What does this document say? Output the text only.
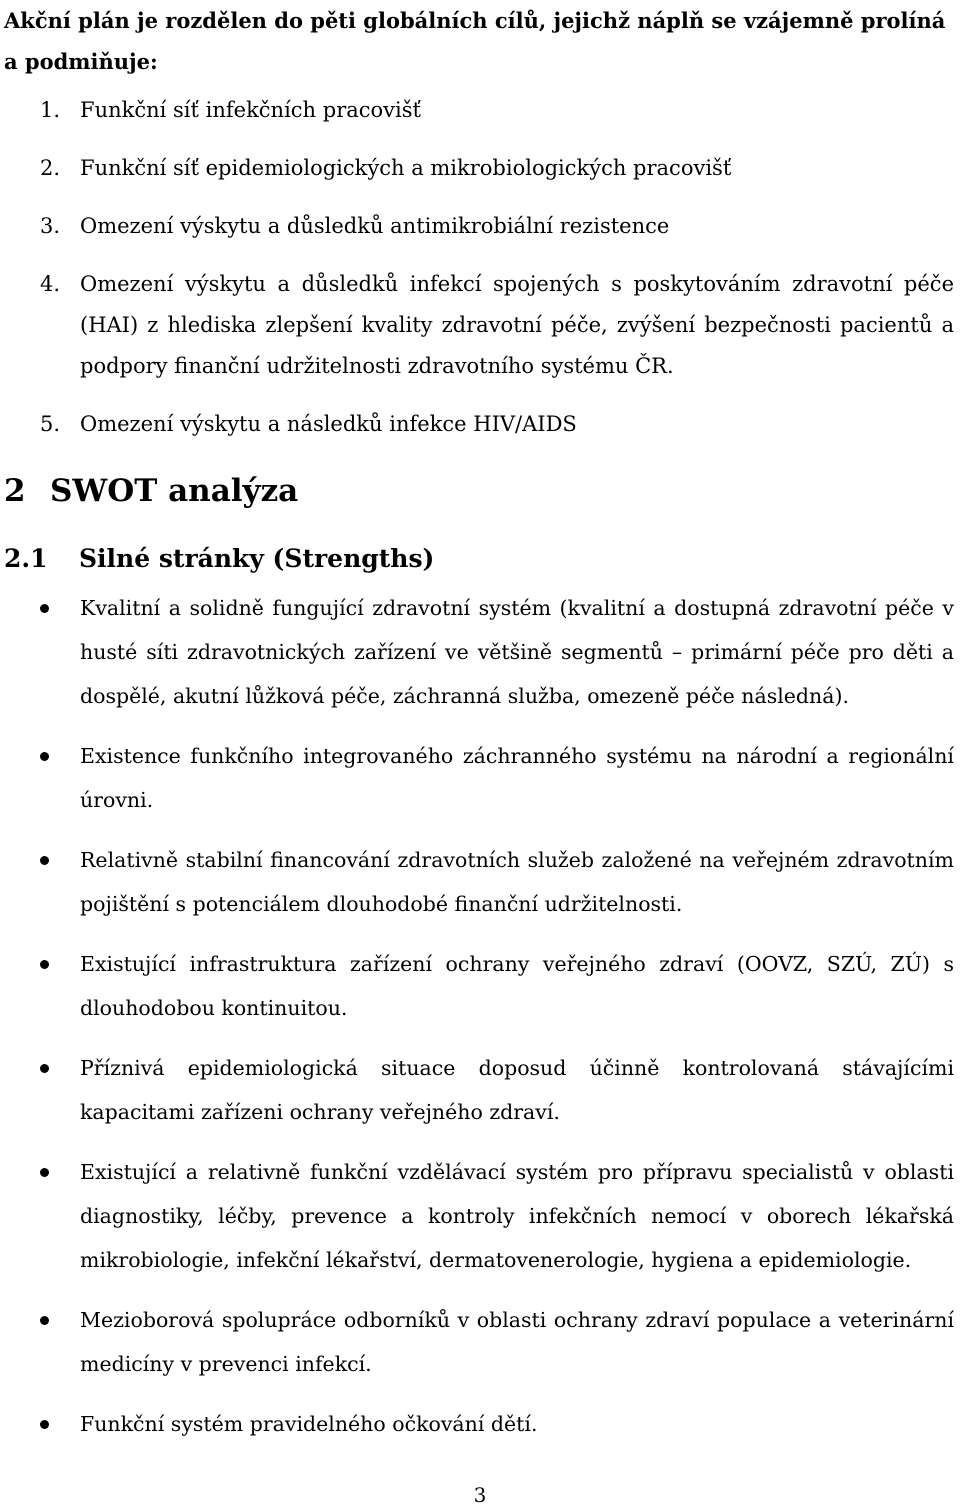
Akční plán je rozdělen do pěti globálních cílů, jejichž náplň se vzájemně prolíná a podmiňuje:

1. Funkční síť infekčních pracovišť
2. Funkční síť epidemiologických a mikrobiologických pracovišť
3. Omezení výskytu a důsledků antimikrobiální rezistence
4. Omezení výskytu a důsledků infekcí spojených s poskytováním zdravotní péče (HAI) z hlediska zlepšení kvality zdravotní péče, zvýšení bezpečnosti pacientů a podpory finanční udržitelnosti zdravotního systému ČR.
5. Omezení výskytu a následků infekce HIV/AIDS
2 SWOT analýza
2.1 Silné stránky (Strengths)
Kvalitní a solidně fungující zdravotní systém (kvalitní a dostupná zdravotní péče v husté síti zdravotnických zařízení ve většině segmentů – primární péče pro děti a dospělé, akutní lůžková péče, záchranná služba, omezeně péče následná).
Existence funkčního integrovaného záchranného systému na národní a regionální úrovni.
Relativně stabilní financování zdravotních služeb založené na veřejném zdravotním pojištění s potenciálem dlouhodobé finanční udržitelnosti.
Existující infrastruktura zařízení ochrany veřejného zdraví (OOVZ, SZÚ, ZÚ) s dlouhodobou kontinuitou.
Příznivá epidemiologická situace doposud účinně kontrolovaná stávajícími kapacitami zařízeni ochrany veřejného zdraví.
Existující a relativně funkční vzdělávací systém pro přípravu specialistů v oblasti diagnostiky, léčby, prevence a kontroly infekčních nemocí v oborech lékařská mikrobiologie, infekční lékařství, dermatovenerologie, hygiena a epidemiologie.
Mezioborová spolupráce odborníků v oblasti ochrany zdraví populace a veterinární medicíny v prevenci infekcí.
Funkční systém pravidelného očkování dětí.
3
